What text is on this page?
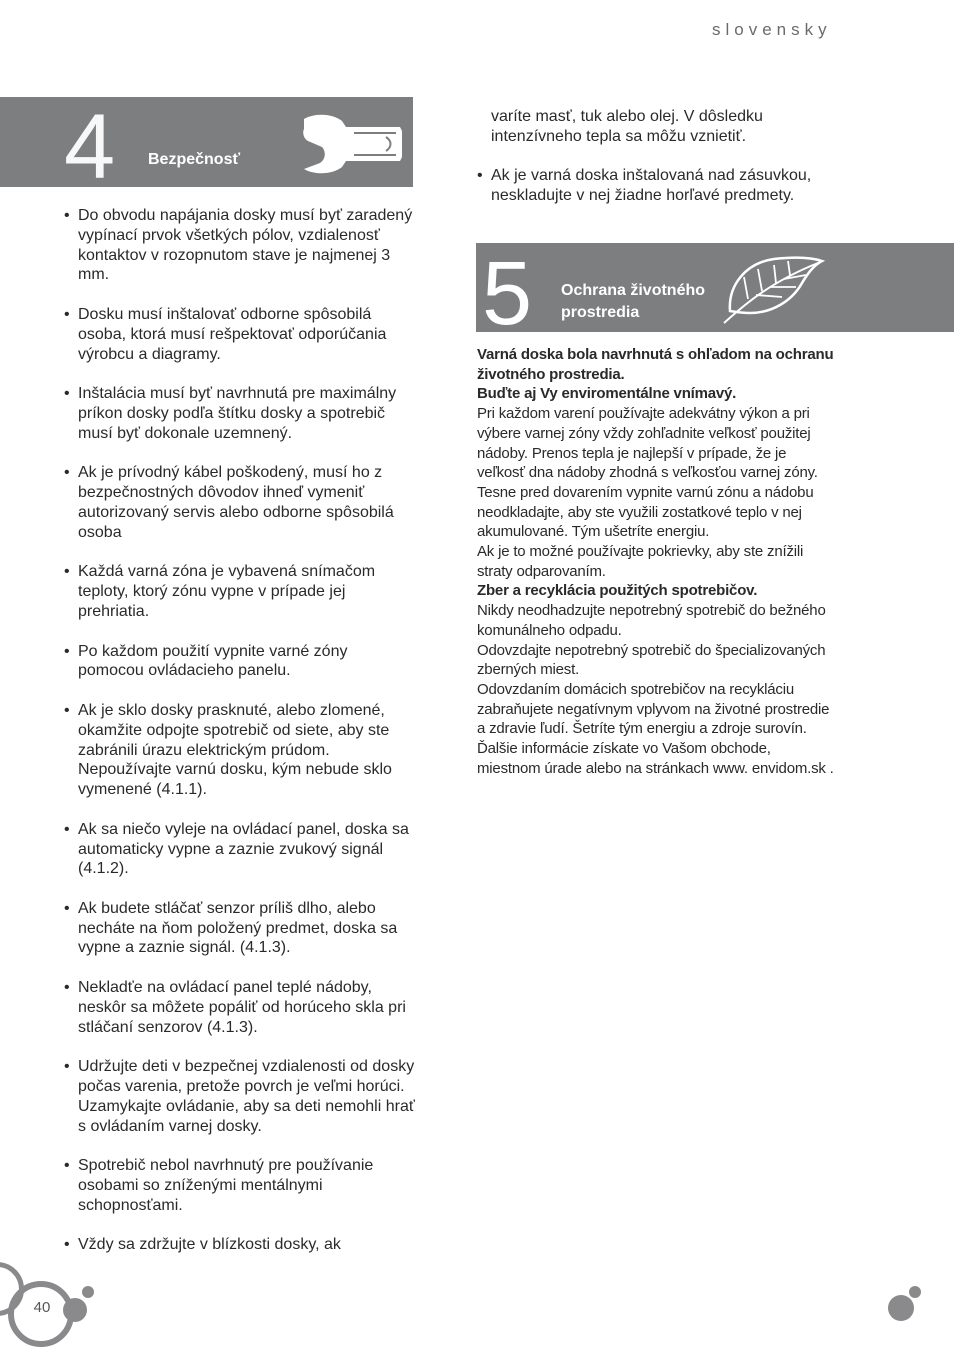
slovensky
4 Bezpečnosť
• Do obvodu napájania dosky musí byť zaradený vypínací prvok všetkých pólov, vzdialenosť kontaktov v rozopnutom stave je najmenej 3 mm.
• Dosku musí inštalovať odborne spôsobilá osoba, ktorá musí rešpektovať odporúčania výrobcu a diagramy.
• Inštalácia musí byť navrhnutá pre maximálny príkon dosky podľa štítku dosky a spotrebič musí byť dokonale uzemnený.
• Ak je prívodný kábel poškodený, musí ho z bezpečnostných dôvodov ihneď vymeniť autorizovaný servis alebo odborne spôsobilá osoba
• Každá varná zóna je vybavená snímačom teploty, ktorý zónu vypne v prípade jej prehriatia.
• Po každom použití vypnite varné zóny pomocou ovládacieho panelu.
• Ak je sklo dosky prasknuté, alebo zlomené, okamžite odpojte spotrebič od siete, aby ste zabránili úrazu elektrickým prúdom. Nepoužívajte varnú dosku, kým nebude sklo vymenené (4.1.1).
• Ak sa niečo vyleje na ovládací panel, doska sa automaticky vypne a zaznie zvukový signál (4.1.2).
• Ak budete stláčať senzor príliš dlho, alebo necháte na ňom položený predmet, doska sa vypne a zaznie signál. (4.1.3).
• Nekladťe na ovládací panel teplé nádoby, neskôr sa môžete popáliť od horúceho skla pri stláčaní senzorov (4.1.3).
• Udržujte deti v bezpečnej vzdialenosti od dosky počas varenia, pretože povrch je veľmi horúci. Uzamykajte ovládanie, aby sa deti nemohli hrať s ovládaním varnej dosky.
• Spotrebič nebol navrhnutý pre používanie osobami so zníženými mentálnymi schopnosťami.
• Vždy sa zdržujte v blízkosti dosky, ak
varíte masť, tuk alebo olej. V dôsledku intenzívneho tepla sa môžu vznietiť.
• Ak je varná doska inštalovaná nad zásuvkou, neskladujte v nej žiadne horľavé predmety.
5 Ochrana životného
prostredia

Varná doska bola navrhnutá s ohľadom na ochranu životného prostredia.

Buďte aj Vy enviromentálne vnímavý.

Pri každom varení používajte adekvátny výkon a pri výbere varnej zóny vždy zohľadnite veľkosť použitej nádoby. Prenos tepla je najlepší v prípade, že je veľkosť dna nádoby zhodná s veľkosťou varnej zóny.

Tesne pred dovarením vypnite varnú zónu a nádobu neodkladajte, aby ste využili zostatkové teplo v nej akumulované. Tým ušetríte energiu.

Ak je to možné používajte pokrievky, aby ste znížili straty odparovaním.

Zber a recyklácia použitých spotrebičov.

Nikdy neodhadzujte nepotrebný spotrebič do bežného komunálneho odpadu.

Odovzdajte nepotrebný spotrebič do špecializovaných zberných miest.

Odovzdaním domácich spotrebičov na recykláciu zabraňujete negatívnym vplyvom na životné prostredie a zdravie ľudí. Šetríte tým energiu a zdroje surovín.

Ďalšie informácie získate vo Vašom obchode, miestnom úrade alebo na stránkach www. envidom.sk .

40
